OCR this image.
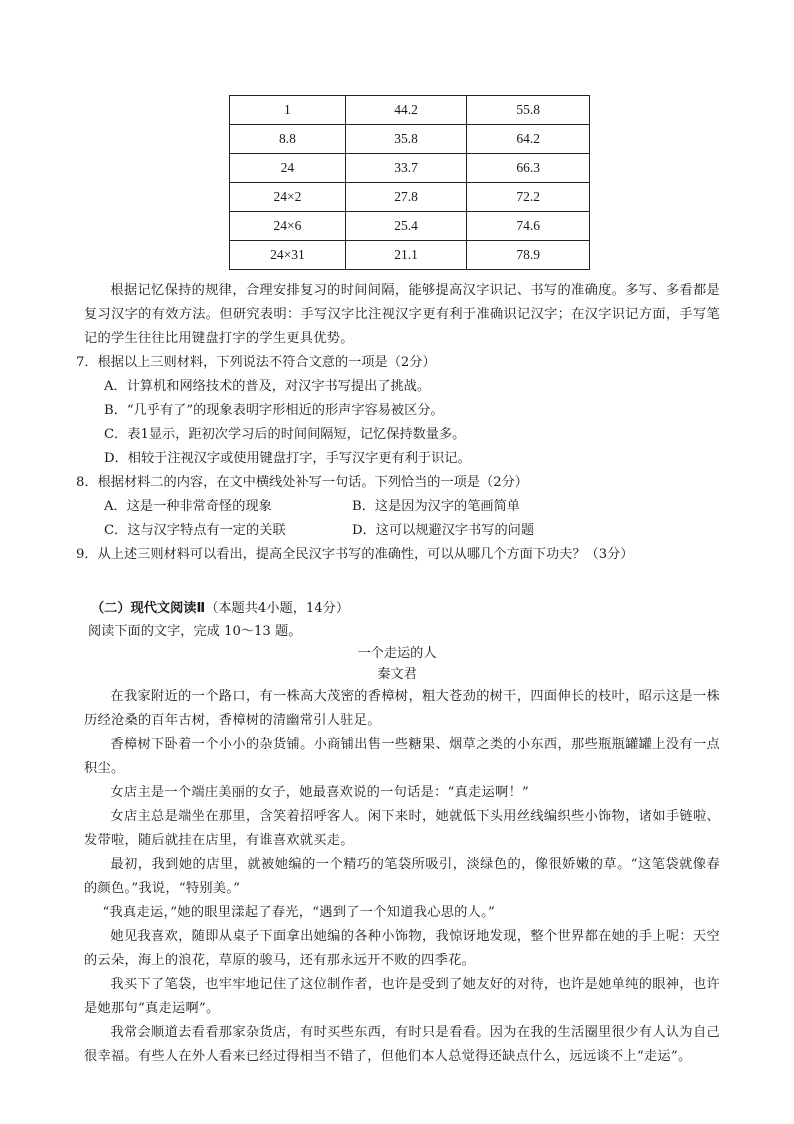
1	44.2	55.8
8.8	35.8	64.2
24	33.7	66.3
24×2	27.8	72.2
24×6	25.4	74.6
24×31	21.1	78.9

根据记忆保持的规律，合理安排复习的时间间隔，能够提高汉字识记、书写的准确度。多写、多看都是复习汉字的有效方法。但研究表明：手写汉字比注视汉字更有利于准确识记汉字；在汉字识记方面，手写笔记的学生往往比用键盘打字的学生更具优势。

7．根据以上三则材料，下列说法不符合文意的一项是（2分）

A．计算机和网络技术的普及，对汉字书写提出了挑战。

B．“几乎有了”的现象表明字形相近的形声字容易被区分。

C．表1显示，距初次学习后的时间间隔短，记忆保持数量多。

D．相较于注视汉字或使用键盘打字，手写汉字更有利于识记。

8．根据材料二的内容，在文中横线处补写一句话。下列恰当的一项是（2分）

A．这是一种非常奇怪的现象	B．这是因为汉字的笔画简单

C．这与汉字特点有一定的关联	D．这可以规避汉字书写的问题

9．从上述三则材料可以看出，提高全民汉字书写的准确性，可以从哪几个方面下功夫？（3分）

（二）现代文阅读Ⅱ（本题共4小题，14分）

阅读下面的文字，完成 10～13 题。

一个走运的人

秦文君

在我家附近的一个路口，有一株高大茂密的香樟树，粗大苍劲的树干，四面伸长的枝叶，昭示这是一株历经沧桑的百年古树，香樟树的清幽常引人驻足。

香樟树下卧着一个小小的杂货铺。小商铺出售一些糖果、烟草之类的小东西，那些瓶瓶罐罐上没有一点积尘。

女店主是一个端庄美丽的女子，她最喜欢说的一句话是：“真走运啊！”

女店主总是端坐在那里，含笑着招呼客人。闲下来时，她就低下头用丝线编织些小饰物，诸如手链啦、发带啦，随后就挂在店里，有谁喜欢就买走。

最初，我到她的店里，就被她编的一个精巧的笔袋所吸引，淡绿色的，像很娇嫩的草。“这笔袋就像春的颜色。”我说，“特别美。”

“我真走运，”她的眼里漾起了春光，“遇到了一个知道我心思的人。”

她见我喜欢，随即从桌子下面拿出她编的各种小饰物，我惊讶地发现，整个世界都在她的手上呢：天空的云朵，海上的浪花，草原的骏马，还有那永远开不败的四季花。

我买下了笔袋，也牢牢地记住了这位制作者，也许是受到了她友好的对待，也许是她单纯的眼神，也许是她那句“真走运啊”。

我常会顺道去看看那家杂货店，有时买些东西，有时只是看看。因为在我的生活圈里很少有人认为自己很幸福。有些人在外人看来已经过得相当不错了，但他们本人总觉得还缺点什么，远远谈不上“走运”。
